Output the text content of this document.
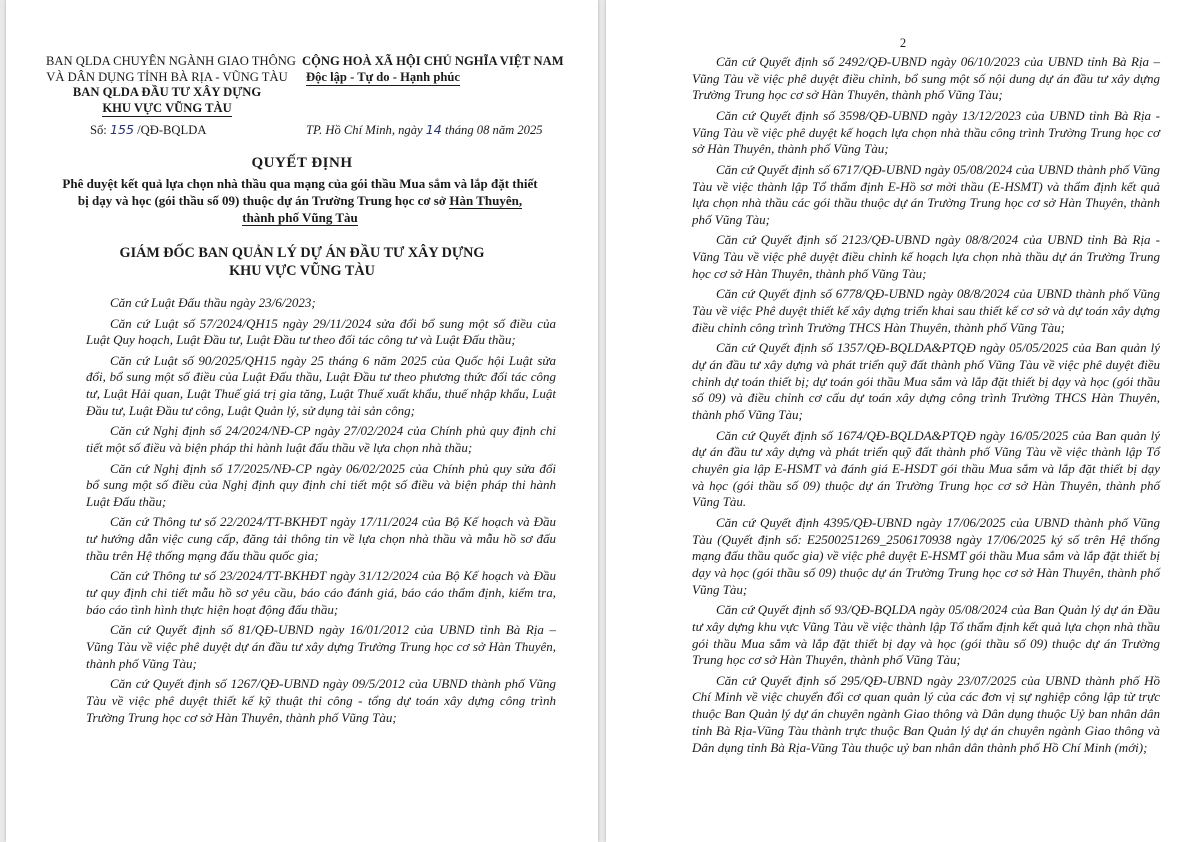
BAN QLDA CHUYÊN NGÀNH GIAO THÔNG
VÀ DÂN DỤNG TỈNH BÀ RỊA - VŨNG TÀU
BAN QLDA ĐẦU TƯ XÂY DỰNG
KHU VỰC VŨNG TÀU
CỘNG HOÀ XÃ HỘI CHỦ NGHĨA VIỆT NAM
Độc lập - Tự do - Hạnh phúc
Số: 155 /QĐ-BQLDA	TP. Hồ Chí Minh, ngày 14 tháng 08 năm 2025
QUYẾT ĐỊNH
Phê duyệt kết quả lựa chọn nhà thầu qua mạng của gói thầu Mua sắm và lắp đặt thiết bị dạy và học (gói thầu số 09) thuộc dự án Trường Trung học cơ sở Hàn Thuyên, thành phố Vũng Tàu
GIÁM ĐỐC BAN QUẢN LÝ DỰ ÁN ĐẦU TƯ XÂY DỰNG
KHU VỰC VŨNG TÀU

Căn cứ Luật Đấu thầu ngày 23/6/2023;

Căn cứ Luật số 57/2024/QH15 ngày 29/11/2024 sửa đổi bổ sung một số điều của Luật Quy hoạch, Luật Đầu tư, Luật Đầu tư theo đối tác công tư và Luật Đấu thầu;

Căn cứ Luật số 90/2025/QH15 ngày 25 tháng 6 năm 2025 của Quốc hội Luật sửa đổi, bổ sung một số điều của Luật Đấu thầu, Luật Đầu tư theo phương thức đối tác công tư, Luật Hải quan, Luật Thuế giá trị gia tăng, Luật Thuế xuất khẩu, thuế nhập khẩu, Luật Đầu tư, Luật Đầu tư công, Luật Quản lý, sử dụng tài sản công;

Căn cứ Nghị định số 24/2024/NĐ-CP ngày 27/02/2024 của Chính phủ quy định chi tiết một số điều và biện pháp thi hành luật đấu thầu về lựa chọn nhà thầu;

Căn cứ Nghị định số 17/2025/NĐ-CP ngày 06/02/2025 của Chính phủ quy sửa đổi bổ sung một số điều của Nghị định quy định chi tiết một số điều và biện pháp thi hành Luật Đấu thầu;

Căn cứ Thông tư số 22/2024/TT-BKHĐT ngày 17/11/2024 của Bộ Kế hoạch và Đầu tư hướng dẫn việc cung cấp, đăng tải thông tin về lựa chọn nhà thầu và mẫu hồ sơ đấu thầu trên Hệ thống mạng đấu thầu quốc gia;

Căn cứ Thông tư số 23/2024/TT-BKHĐT ngày 31/12/2024 của Bộ Kế hoạch và Đầu tư quy định chi tiết mẫu hồ sơ yêu cầu, báo cáo đánh giá, báo cáo thẩm định, kiểm tra, báo cáo tình hình thực hiện hoạt động đấu thầu;

Căn cứ Quyết định số 81/QĐ-UBND ngày 16/01/2012 của UBND tỉnh Bà Rịa – Vũng Tàu về việc phê duyệt dự án đầu tư xây dựng Trường Trung học cơ sở Hàn Thuyên, thành phố Vũng Tàu;

Căn cứ Quyết định số 1267/QĐ-UBND ngày 09/5/2012 của UBND thành phố Vũng Tàu về việc phê duyệt thiết kế kỹ thuật thi công - tổng dự toán xây dựng công trình Trường Trung học cơ sở Hàn Thuyên, thành phố Vũng Tàu;

2

Căn cứ Quyết định số 2492/QĐ-UBND ngày 06/10/2023 của UBND tỉnh Bà Rịa – Vũng Tàu về việc phê duyệt điều chỉnh, bổ sung một số nội dung dự án đầu tư xây dựng Trường Trung học cơ sở Hàn Thuyên, thành phố Vũng Tàu;

Căn cứ Quyết định số 3598/QĐ-UBND ngày 13/12/2023 của UBND tỉnh Bà Rịa - Vũng Tàu về việc phê duyệt kế hoạch lựa chọn nhà thầu công trình Trường Trung học cơ sở Hàn Thuyên, thành phố Vũng Tàu;

Căn cứ Quyết định số 6717/QĐ-UBND ngày 05/08/2024 của UBND thành phố Vũng Tàu về việc thành lập Tổ thẩm định E-Hồ sơ mời thầu (E-HSMT) và thẩm định kết quả lựa chọn nhà thầu các gói thầu thuộc dự án Trường Trung học cơ sở Hàn Thuyên, thành phố Vũng Tàu;

Căn cứ Quyết định số 2123/QĐ-UBND ngày 08/8/2024 của UBND tỉnh Bà Rịa - Vũng Tàu về việc phê duyệt điều chỉnh kế hoạch lựa chọn nhà thầu dự án Trường Trung học cơ sở Hàn Thuyên, thành phố Vũng Tàu;

Căn cứ Quyết định số 6778/QĐ-UBND ngày 08/8/2024 của UBND thành phố Vũng Tàu về việc Phê duyệt thiết kế xây dựng triển khai sau thiết kế cơ sở và dự toán xây dựng điều chỉnh công trình Trường THCS Hàn Thuyên, thành phố Vũng Tàu;

Căn cứ Quyết định số 1357/QĐ-BQLDA&PTQĐ ngày 05/05/2025 của Ban quản lý dự án đầu tư xây dựng và phát triển quỹ đất thành phố Vũng Tàu về việc phê duyệt điều chỉnh dự toán thiết bị; dự toán gói thầu Mua sắm và lắp đặt thiết bị dạy và học (gói thầu số 09) và điều chỉnh cơ cấu dự toán xây dựng công trình Trường THCS Hàn Thuyên, thành phố Vũng Tàu;

Căn cứ Quyết định số 1674/QĐ-BQLDA&PTQĐ ngày 16/05/2025 của Ban quản lý dự án đầu tư xây dựng và phát triển quỹ đất thành phố Vũng Tàu về việc thành lập Tổ chuyên gia lập E-HSMT và đánh giá E-HSDT gói thầu Mua sắm và lắp đặt thiết bị dạy và học (gói thầu số 09) thuộc dự án Trường Trung học cơ sở Hàn Thuyên, thành phố Vũng Tàu.

Căn cứ Quyết định 4395/QĐ-UBND ngày 17/06/2025 của UBND thành phố Vũng Tàu (Quyết định số: E2500251269_2506170938 ngày 17/06/2025 ký số trên Hệ thống mạng đấu thầu quốc gia) về việc phê duyệt E-HSMT gói thầu Mua sắm và lắp đặt thiết bị dạy và học (gói thầu số 09) thuộc dự án Trường Trung học cơ sở Hàn Thuyên, thành phố Vũng Tàu;

Căn cứ Quyết định số 93/QĐ-BQLDA ngày 05/08/2024 của Ban Quản lý dự án Đầu tư xây dựng khu vực Vũng Tàu về việc thành lập Tổ thẩm định kết quả lựa chọn nhà thầu gói thầu Mua sắm và lắp đặt thiết bị dạy và học (gói thầu số 09) thuộc dự án Trường Trung học cơ sở Hàn Thuyên, thành phố Vũng Tàu;

Căn cứ Quyết định số 295/QĐ-UBND ngày 23/07/2025 của UBND thành phố Hồ Chí Minh về việc chuyển đổi cơ quan quản lý của các đơn vị sự nghiệp công lập từ trực thuộc Ban Quản lý dự án chuyên ngành Giao thông và Dân dụng thuộc Uỷ ban nhân dân tỉnh Bà Rịa-Vũng Tàu thành trực thuộc Ban Quản lý dự án chuyên ngành Giao thông và Dân dụng tỉnh Bà Rịa-Vũng Tàu thuộc uỷ ban nhân dân thành phố Hồ Chí Minh (mới);
